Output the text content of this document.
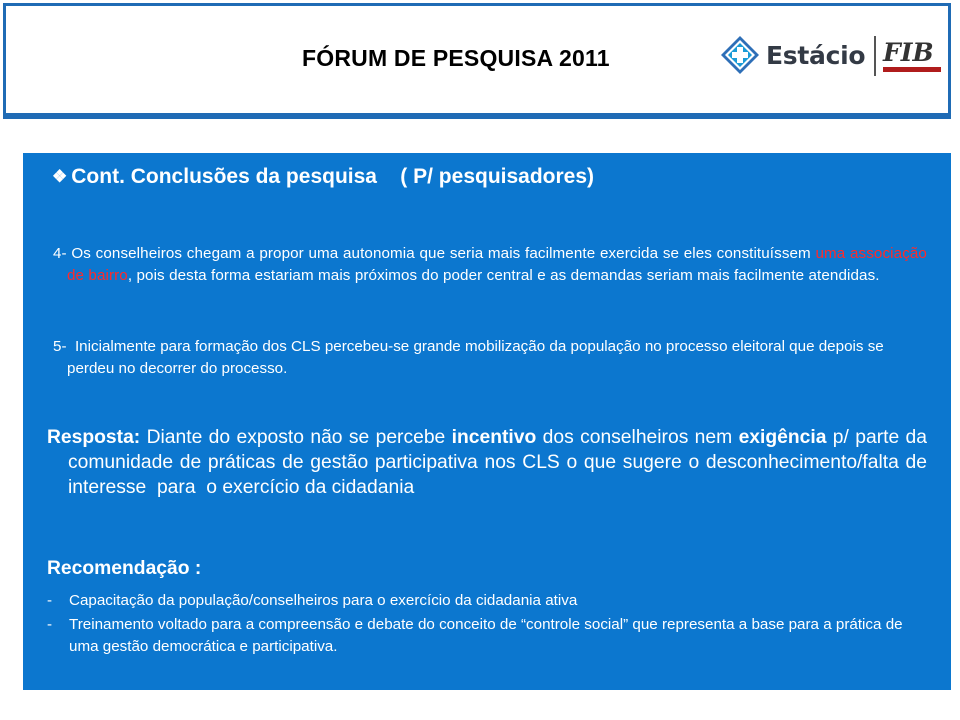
FÓRUM DE PESQUISA 2011	Estácio FIB
❖ Cont. Conclusões da pesquisa    ( P/ pesquisadores)
4- Os conselheiros chegam a propor uma autonomia que seria mais facilmente exercida se eles constituíssem uma associação de bairro, pois desta forma estariam mais próximos do poder central e as demandas seriam mais facilmente atendidas.
5-  Inicialmente para formação dos CLS percebeu-se grande mobilização da população no processo eleitoral que depois se perdeu no decorrer do processo.
Resposta: Diante do exposto não se percebe incentivo dos conselheiros nem exigência p/ parte da comunidade de práticas de gestão participativa nos CLS o que sugere o desconhecimento/falta de interesse  para  o exercício da cidadania
Recomendação :
- Capacitação da população/conselheiros para o exercício da cidadania ativa
- Treinamento voltado para a compreensão e debate do conceito de “controle social” que representa a base para a prática de uma gestão democrática e participativa.
